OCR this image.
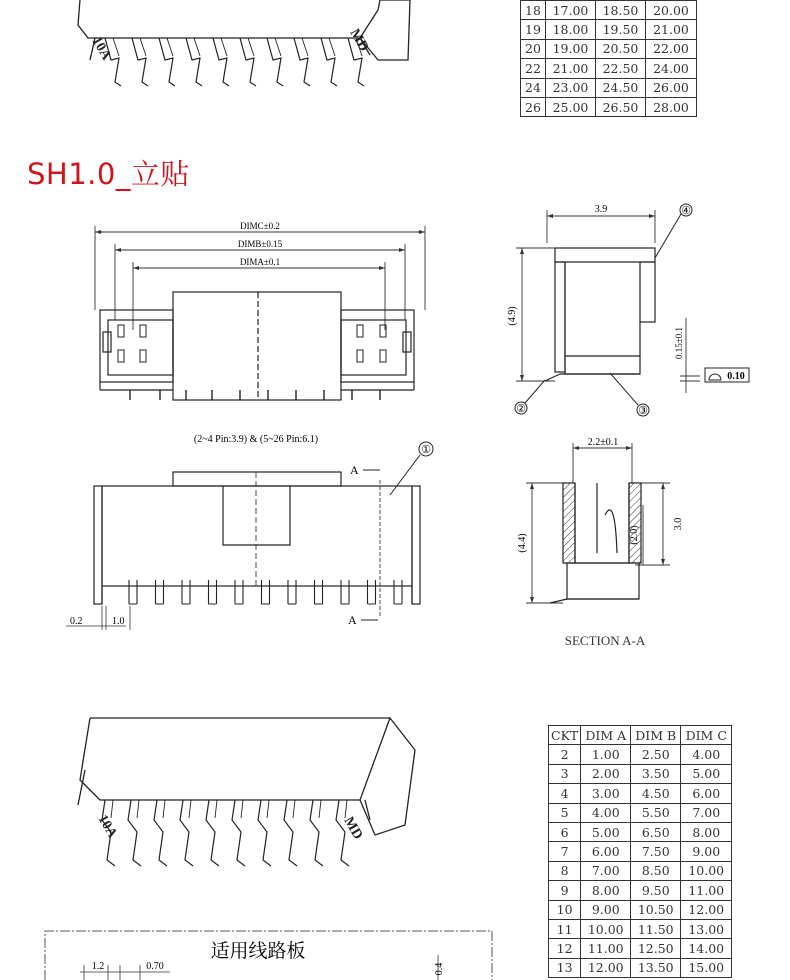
10A	MD
18	17.00	18.50	20.00
19	18.00	19.50	21.00
20	19.00	20.50	22.00
22	21.00	22.50	24.00
24	23.00	24.50	26.00
26	25.00	26.50	28.00
SH1.0_立贴
DIMC±0.2
DIMB±0.15
DIMA±0.1
3.9
(4.9)
0.15±0.1
0.10
④
②	③
(2~4 Pin:3.9) & (5~26 Pin:6.1)
①
A
A
0.2	1.0
2.2±0.1
(4.4)
3.0
SECTION A-A
10A	MD
CKT	DIM A	DIM B	DIM C
2	1.00	2.50	4.00
3	2.00	3.50	5.00
4	3.00	4.50	6.00
5	4.00	5.50	7.00
6	5.00	6.50	8.00
7	6.00	7.50	9.00
8	7.00	8.50	10.00
9	8.00	9.50	11.00
10	9.00	10.50	12.00
11	10.00	11.50	13.00
12	11.00	12.50	14.00
13	12.00	13.50	15.00
适用线路板
1.2	0.70	0.4
